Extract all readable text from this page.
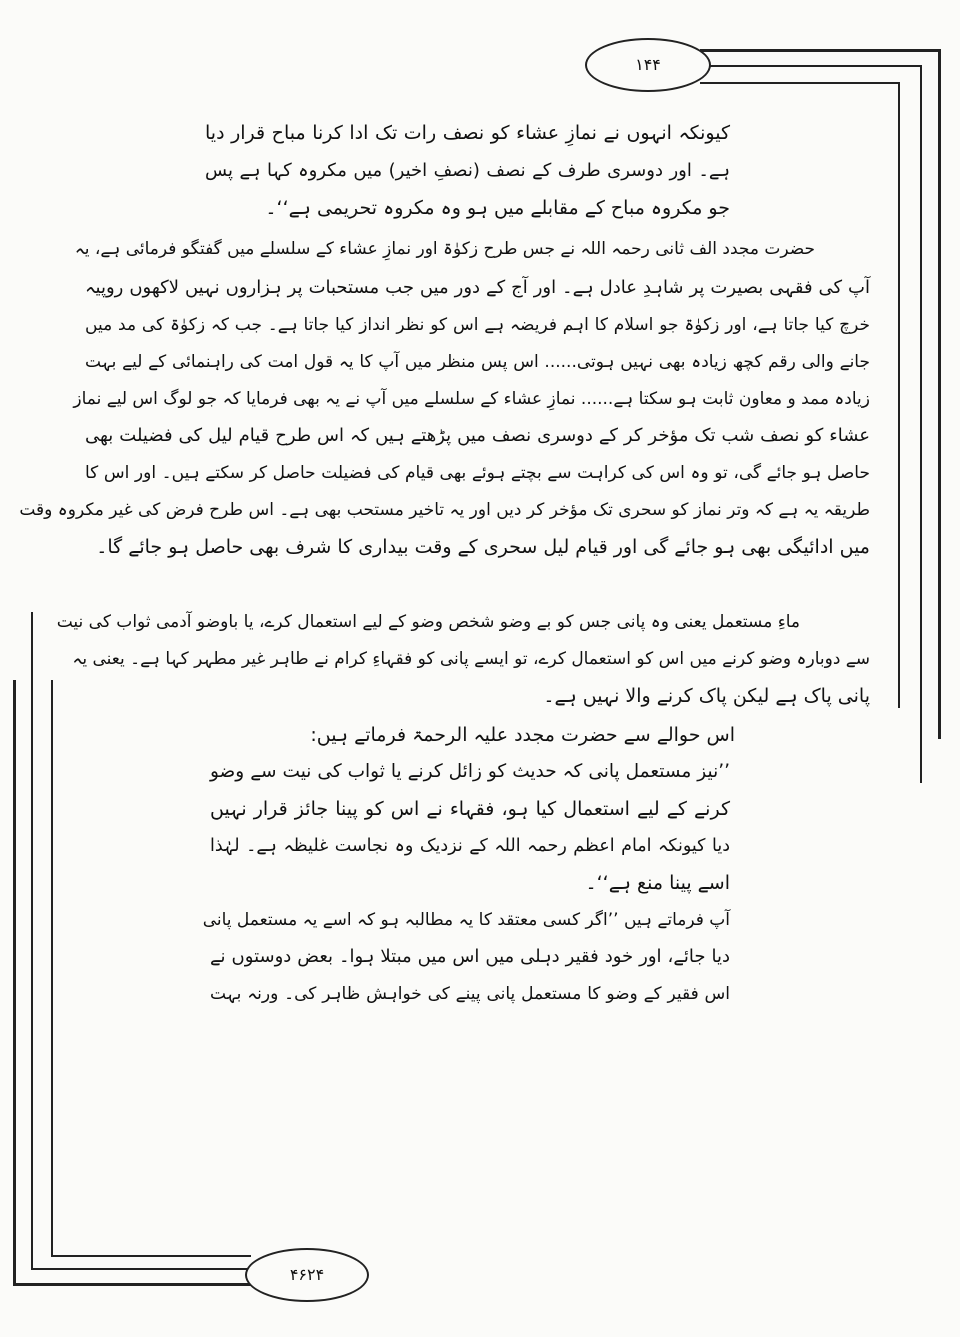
۱۴۴
۴۶۲۴
کیونکہ انہوں نے نمازِ عشاء کو نصف رات تک ادا کرنا مباح قرار دیا
ہے۔ اور دوسری طرف کے نصف (نصفِ اخیر) میں مکروہ کہا ہے پس
جو مکروہ مباح کے مقابلے میں ہو وہ مکروہ تحریمی ہے‘‘۔
حضرت مجدد الف ثانی رحمہ اللہ نے جس طرح زکوٰۃ اور نمازِ عشاء کے سلسلے میں گفتگو فرمائی ہے، یہ
آپ کی فقہی بصیرت پر شاہدِ عادل ہے۔ اور آج کے دور میں جب مستحبات پر ہزاروں نہیں لاکھوں روپیہ
خرچ کیا جاتا ہے، اور زکوٰۃ جو اسلام کا اہم فریضہ ہے اس کو نظر انداز کیا جاتا ہے۔ جب کہ زکوٰۃ کی مد میں
جانے والی رقم کچھ زیادہ بھی نہیں ہوتی...... اس پس منظر میں آپ کا یہ قول امت کی راہنمائی کے لیے بہت
زیادہ ممد و معاون ثابت ہو سکتا ہے...... نمازِ عشاء کے سلسلے میں آپ نے یہ بھی فرمایا کہ جو لوگ اس لیے نماز
عشاء کو نصف شب تک مؤخر کر کے دوسری نصف میں پڑھتے ہیں کہ اس طرح قیام لیل کی فضیلت بھی
حاصل ہو جائے گی، تو وہ اس کی کراہت سے بچتے ہوئے بھی قیام کی فضیلت حاصل کر سکتے ہیں۔ اور اس کا
طریقہ یہ ہے کہ وتر نماز کو سحری تک مؤخر کر دیں اور یہ تاخیر مستحب بھی ہے۔ اس طرح فرض کی غیر مکروہ وقت
میں ادائیگی بھی ہو جائے گی اور قیام لیل سحری کے وقت بیداری کا شرف بھی حاصل ہو جائے گا۔
ماءِ مستعمل یعنی وہ پانی جس کو بے وضو شخص وضو کے لیے استعمال کرے، یا باوضو آدمی ثواب کی نیت
سے دوبارہ وضو کرنے میں اس کو استعمال کرے، تو ایسے پانی کو فقہاءِ کرام نے طاہر غیر مطہر کہا ہے۔ یعنی یہ
پانی پاک ہے لیکن پاک کرنے والا نہیں ہے۔
اس حوالے سے حضرت مجدد علیہ الرحمۃ فرماتے ہیں:
’’نیز مستعمل پانی کہ حدیث کو زائل کرنے یا ثواب کی نیت سے وضو
کرنے کے لیے استعمال کیا ہو، فقہاء نے اس کو پینا جائز قرار نہیں
دیا کیونکہ امام اعظم رحمہ اللہ کے نزدیک وہ نجاست غلیظہ ہے۔ لہٰذا
اسے پینا منع ہے‘‘۔
آپ فرماتے ہیں ’’اگر کسی معتقد کا یہ مطالبہ ہو کہ اسے یہ مستعمل پانی
دیا جائے، اور خود فقیر دہلی میں اس میں مبتلا ہوا۔ بعض دوستوں نے
اس فقیر کے وضو کا مستعمل پانی پینے کی خواہش ظاہر کی۔ ورنہ بہت
